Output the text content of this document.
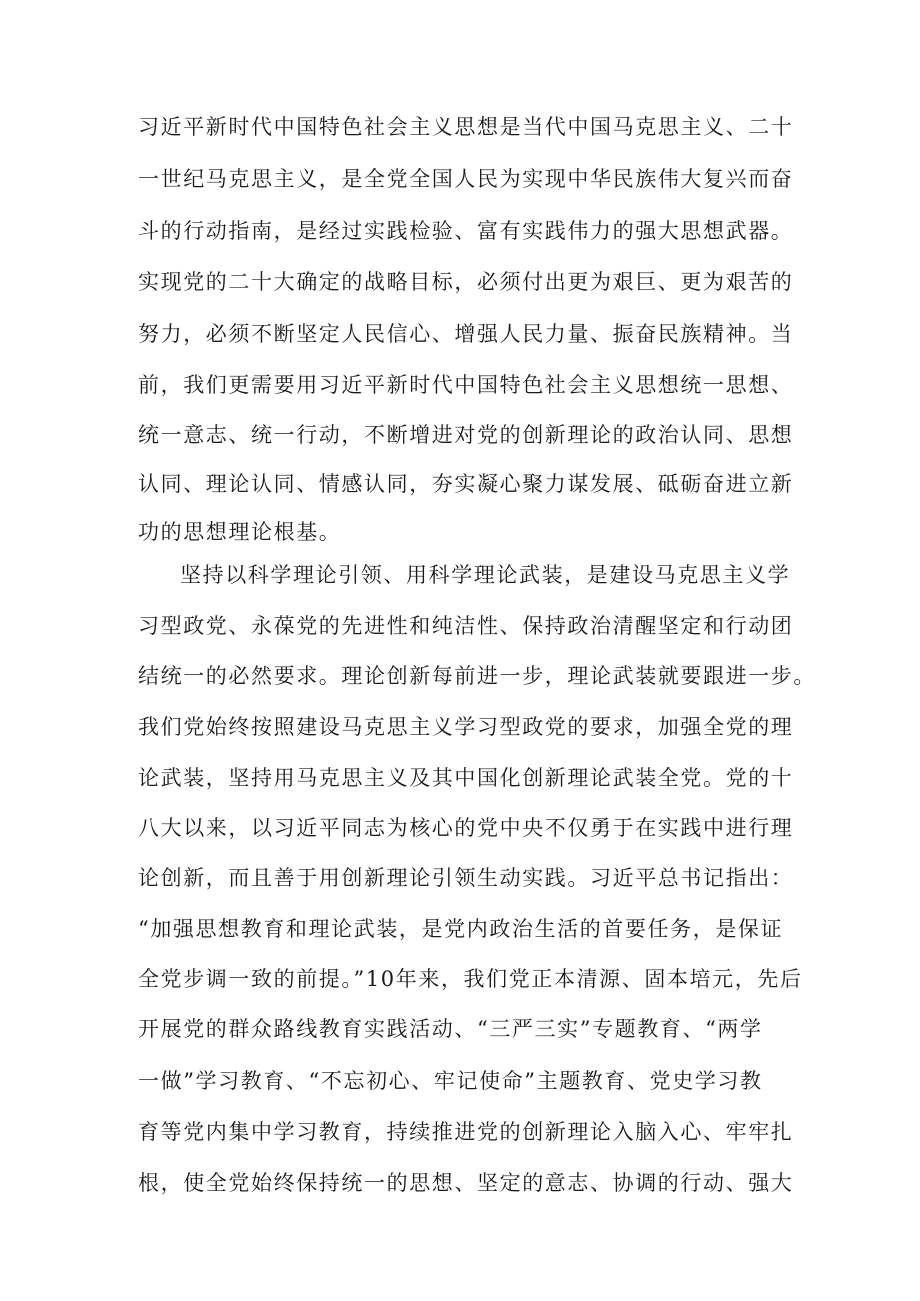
习近平新时代中国特色社会主义思想是当代中国马克思主义、二十
一世纪马克思主义，是全党全国人民为实现中华民族伟大复兴而奋
斗的行动指南，是经过实践检验、富有实践伟力的强大思想武器。
实现党的二十大确定的战略目标，必须付出更为艰巨、更为艰苦的
努力，必须不断坚定人民信心、增强人民力量、振奋民族精神。当
前，我们更需要用习近平新时代中国特色社会主义思想统一思想、
统一意志、统一行动，不断增进对党的创新理论的政治认同、思想
认同、理论认同、情感认同，夯实凝心聚力谋发展、砥砺奋进立新
功的思想理论根基。
坚持以科学理论引领、用科学理论武装，是建设马克思主义学
习型政党、永葆党的先进性和纯洁性、保持政治清醒坚定和行动团
结统一的必然要求。理论创新每前进一步，理论武装就要跟进一步。
我们党始终按照建设马克思主义学习型政党的要求，加强全党的理
论武装，坚持用马克思主义及其中国化创新理论武装全党。党的十
八大以来，以习近平同志为核心的党中央不仅勇于在实践中进行理
论创新，而且善于用创新理论引领生动实践。习近平总书记指出：
“加强思想教育和理论武装，是党内政治生活的首要任务，是保证
全党步调一致的前提。”10年来，我们党正本清源、固本培元，先后
开展党的群众路线教育实践活动、“三严三实”专题教育、“两学
一做”学习教育、“不忘初心、牢记使命”主题教育、党史学习教
育等党内集中学习教育，持续推进党的创新理论入脑入心、牢牢扎
根，使全党始终保持统一的思想、坚定的意志、协调的行动、强大
